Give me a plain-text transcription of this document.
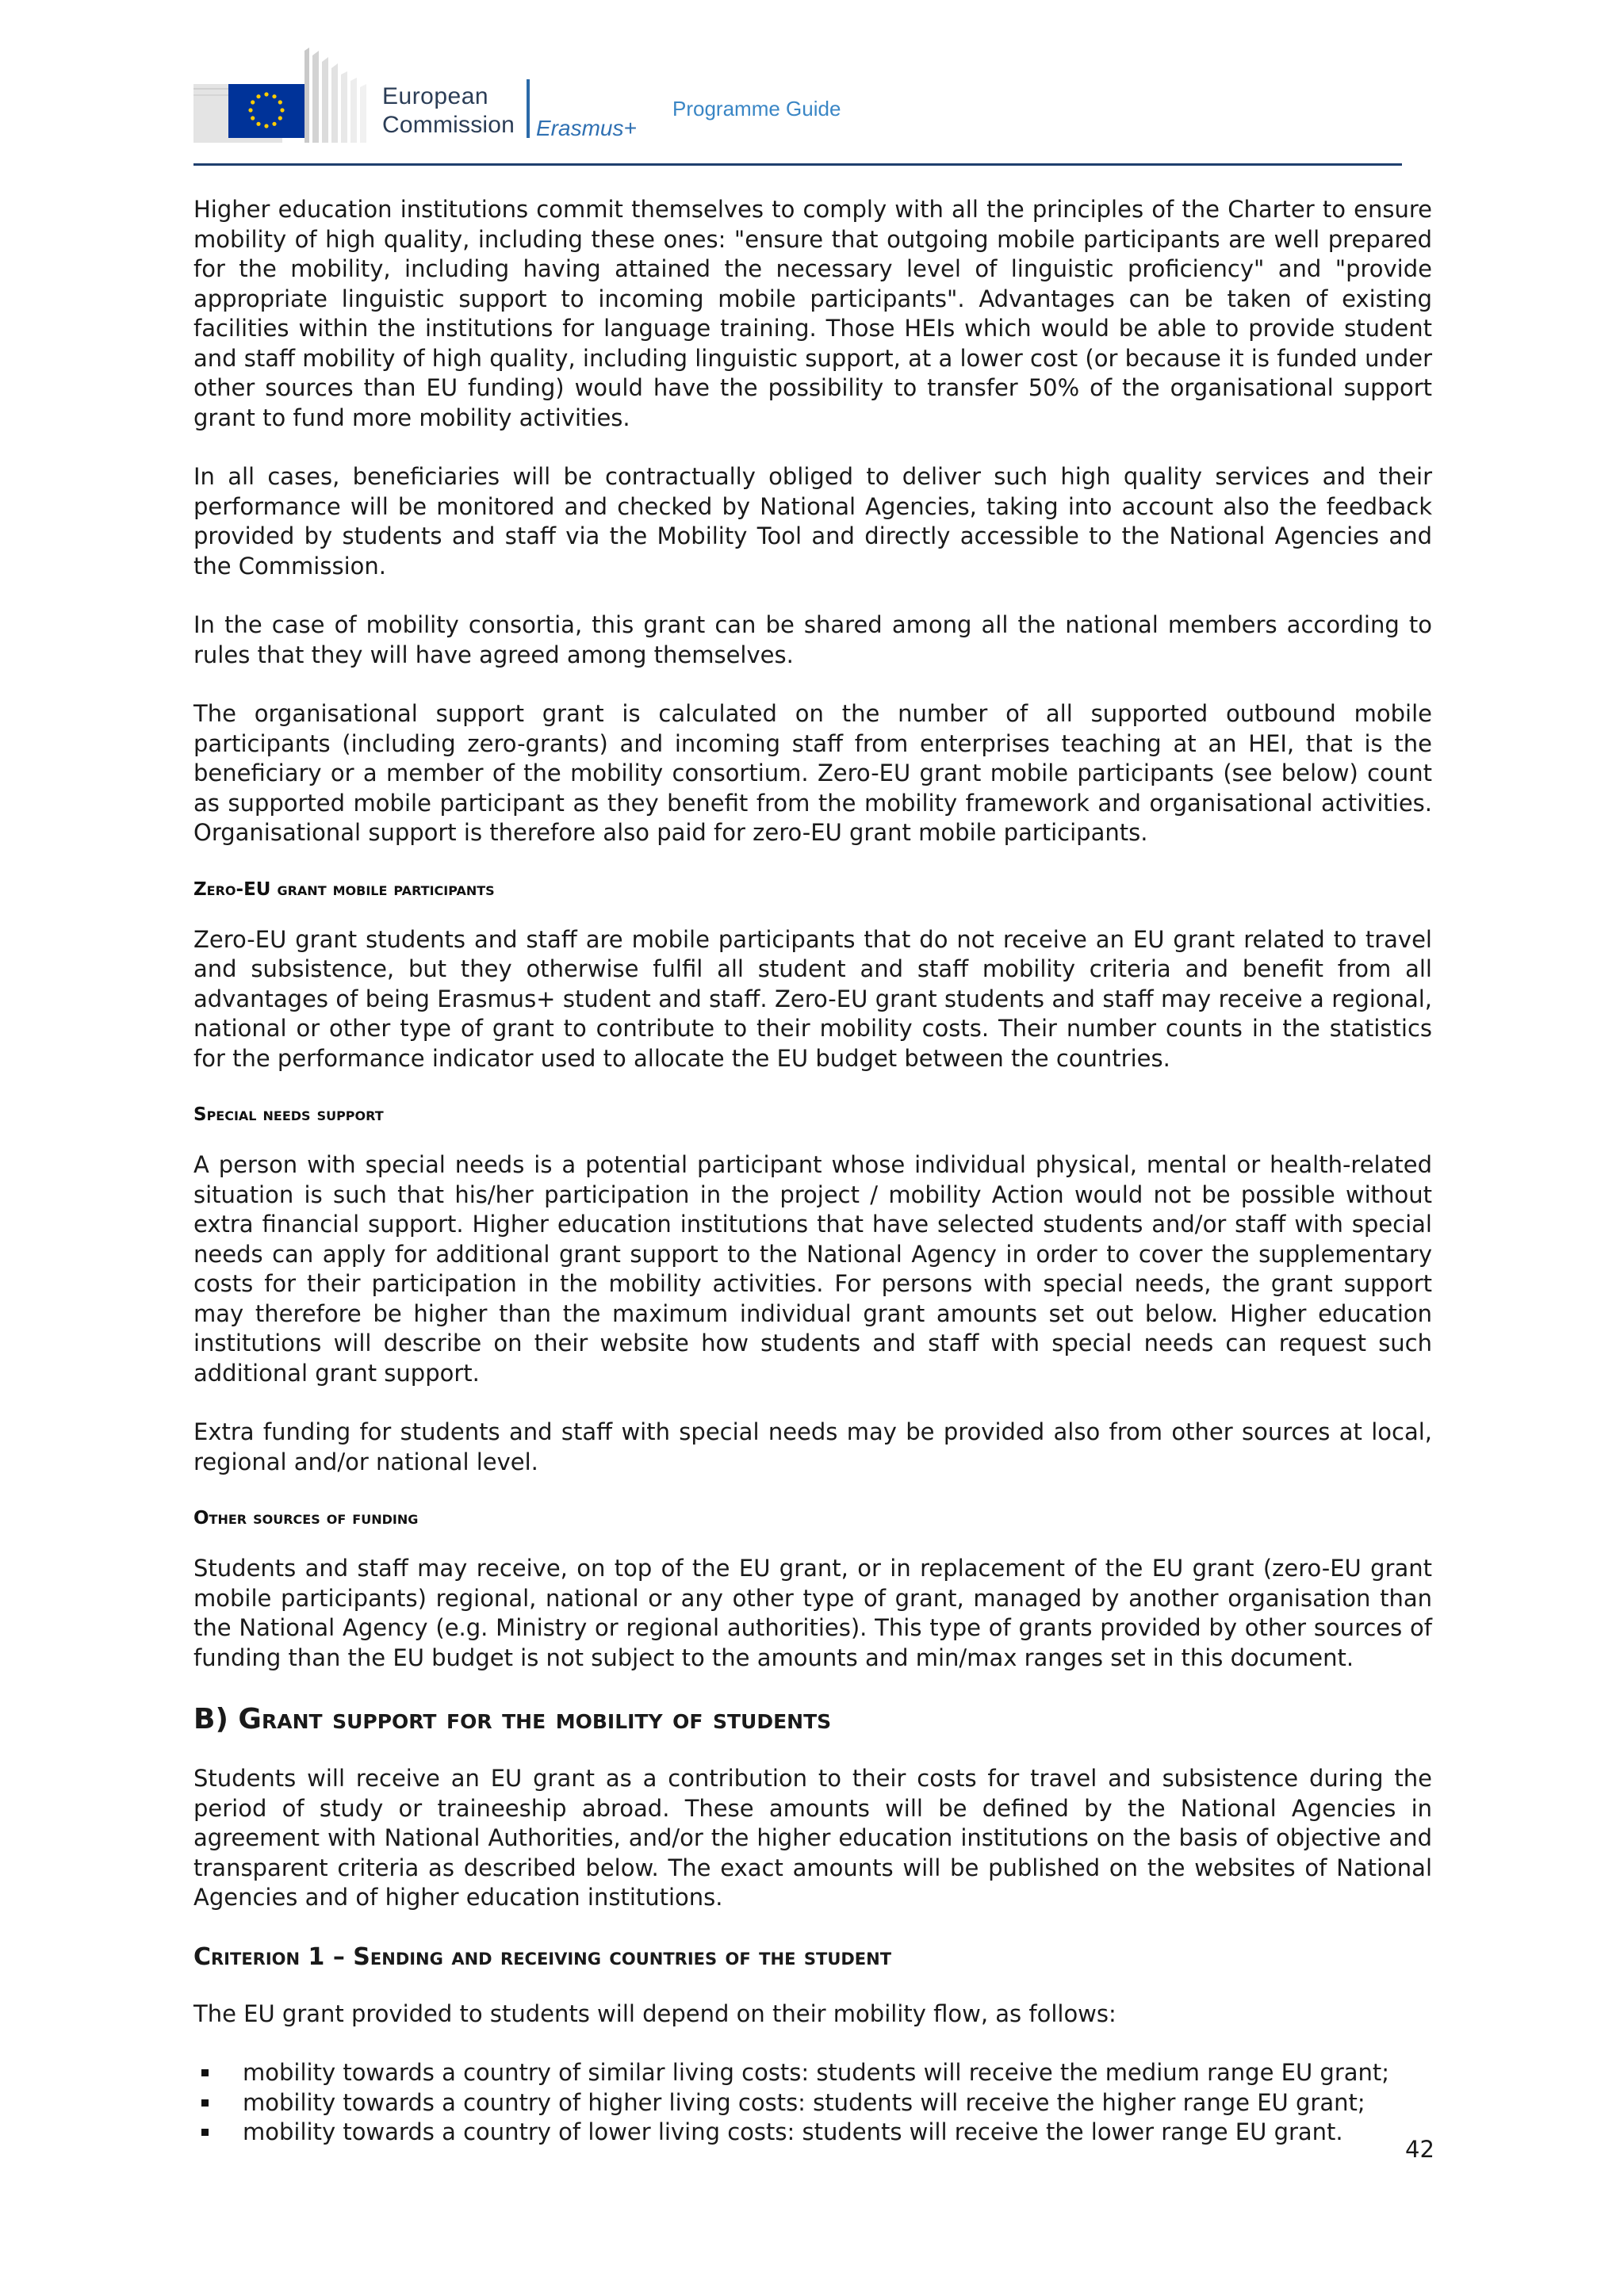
European
Commission Erasmus+
Programme Guide

Higher education institutions commit themselves to comply with all the principles of the Charter to ensure mobility of high quality, including these ones: "ensure that outgoing mobile participants are well prepared for the mobility, including having attained the necessary level of linguistic proficiency" and "provide appropriate linguistic support to incoming mobile participants". Advantages can be taken of existing facilities within the institutions for language training. Those HEIs which would be able to provide student and staff mobility of high quality, including linguistic support, at a lower cost (or because it is funded under other sources than EU funding) would have the possibility to transfer 50% of the organisational support grant to fund more mobility activities.

In all cases, beneficiaries will be contractually obliged to deliver such high quality services and their performance will be monitored and checked by National Agencies, taking into account also the feedback provided by students and staff via the Mobility Tool and directly accessible to the National Agencies and the Commission.

In the case of mobility consortia, this grant can be shared among all the national members according to rules that they will have agreed among themselves.

The organisational support grant is calculated on the number of all supported outbound mobile participants (including zero-grants) and incoming staff from enterprises teaching at an HEI, that is the beneficiary or a member of the mobility consortium. Zero-EU grant mobile participants (see below) count as supported mobile participant as they benefit from the mobility framework and organisational activities. Organisational support is therefore also paid for zero-EU grant mobile participants.

Zero-EU grant mobile participants

Zero-EU grant students and staff are mobile participants that do not receive an EU grant related to travel and subsistence, but they otherwise fulfil all student and staff mobility criteria and benefit from all advantages of being Erasmus+ student and staff. Zero-EU grant students and staff may receive a regional, national or other type of grant to contribute to their mobility costs. Their number counts in the statistics for the performance indicator used to allocate the EU budget between the countries.

Special needs support

A person with special needs is a potential participant whose individual physical, mental or health-related situation is such that his/her participation in the project / mobility Action would not be possible without extra financial support. Higher education institutions that have selected students and/or staff with special needs can apply for additional grant support to the National Agency in order to cover the supplementary costs for their participation in the mobility activities. For persons with special needs, the grant support may therefore be higher than the maximum individual grant amounts set out below. Higher education institutions will describe on their website how students and staff with special needs can request such additional grant support.

Extra funding for students and staff with special needs may be provided also from other sources at local, regional and/or national level.

Other sources of funding

Students and staff may receive, on top of the EU grant, or in replacement of the EU grant (zero-EU grant mobile participants) regional, national or any other type of grant, managed by another organisation than the National Agency (e.g. Ministry or regional authorities). This type of grants provided by other sources of funding than the EU budget is not subject to the amounts and min/max ranges set in this document.

B) Grant support for the mobility of students

Students will receive an EU grant as a contribution to their costs for travel and subsistence during the period of study or traineeship abroad. These amounts will be defined by the National Agencies in agreement with National Authorities, and/or the higher education institutions on the basis of objective and transparent criteria as described below. The exact amounts will be published on the websites of National Agencies and of higher education institutions.

Criterion 1 – Sending and receiving countries of the student

The EU grant provided to students will depend on their mobility flow, as follows:

mobility towards a country of similar living costs: students will receive the medium range EU grant;
mobility towards a country of higher living costs: students will receive the higher range EU grant;
mobility towards a country of lower living costs: students will receive the lower range EU grant.
42
